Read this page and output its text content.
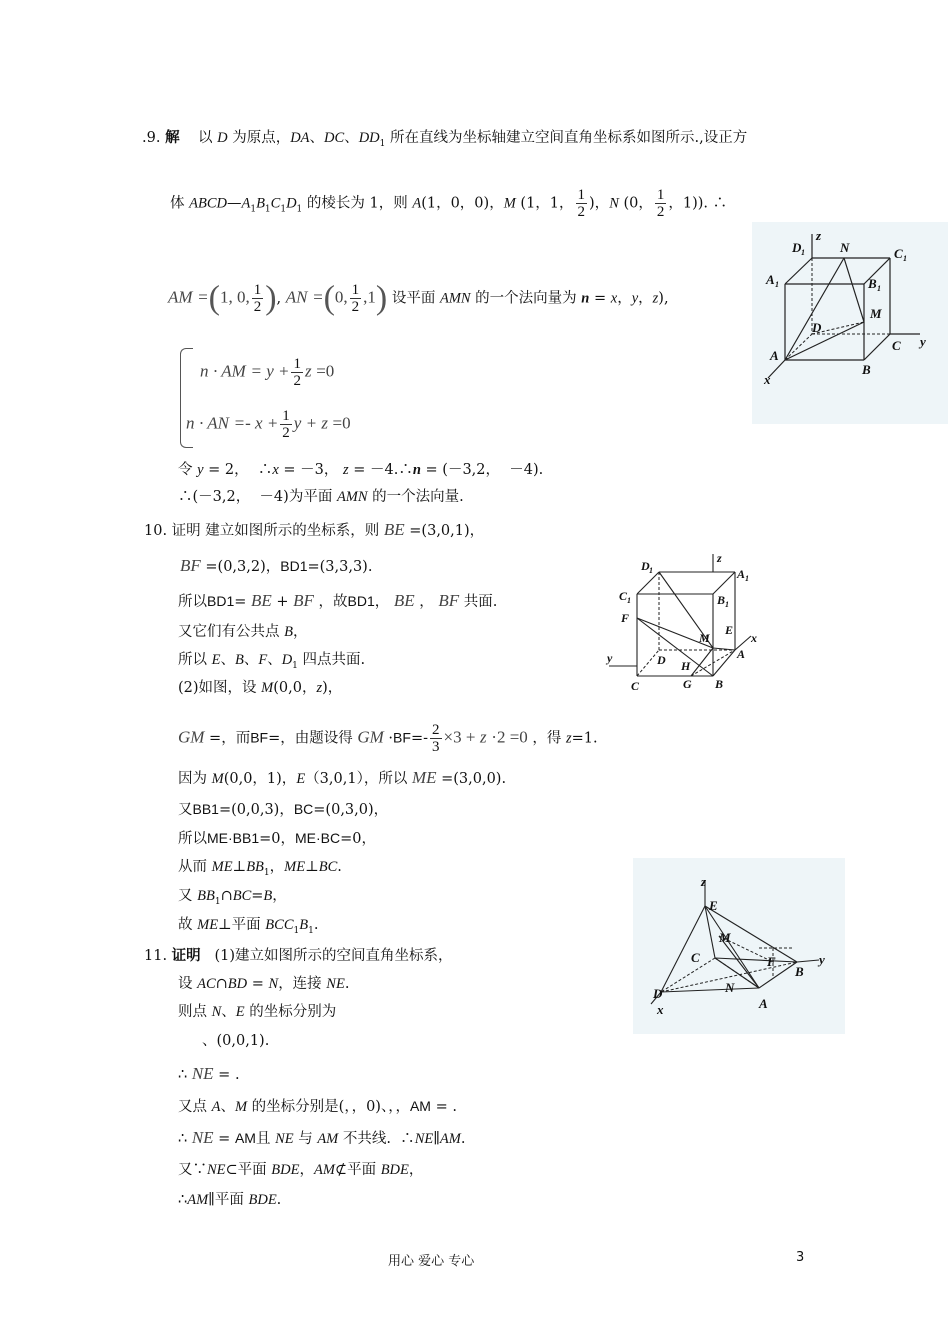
.9. 解    以 D 为原点，DA、DC、$DD_1$ 所在直线为坐标轴建立空间直角坐标系如图所示.,设正方
体 $ABCD—A_1B_1C_1D_1$ 的棱长为 1，则 A(1，0，0)，M (1，1， $\frac{1}{2}$ )，N (0， $\frac{1}{2}$ ，1)). ∴
AM =(1, 0, $\frac{1}{2}$ ), AN =(0, $\frac{1}{2} ,1$) 设平面 AMN 的一个法向量为 n = x，y，z),
n · AM = $y + \frac{1}{2}$ z =0
n · AN =- $x + \frac{1}{2}$ y + z =0
令 y = 2，  ∴x = －3， z = －4.∴n = (－3,2，  －4).
∴(－3,2，  －4)为平面 AMN 的一个法向量.
D 1
z
N	C 1
A 1	B 1
M
D
C y
A
B
x
10. 证明 建立如图所示的坐标系，则 BE =(3,0,1)，
BF =(0,3,2)，BD1=(3,3,3).
所以BD1= BE + BF ，故BD1， BE ， BF 共面.
又它们有公共点 B，
所以 E、B、F、$D_1$ 四点共面.
(2)如图，设 M(0,0，z)，
GM =，而BF=，由题设得 GM $\cdot BF=- \frac{2}{3} \times 3 + z \cdot 2 =0$ ，得 z=1.
因为 M(0,0，1)，E（3,0,1），所以 ME =(3,0,0).
又BB1=(0,0,3)，BC=(0,3,0)，
所以ME·BB1=0，ME·BC=0，
从而 $ME\perp BB_1$，ME⊥BC.
又 $BB_1\cap BC=B$，
故 ME⊥平面 $BCC_1B_1$.
D 1
z
A 1
C 1	B 1
F
E
x
M
D H
A
y
C	G B
11. 证明   (1)建立如图所示的空间直角坐标系，
设 AC∩BD = N，连接 NE.
则点 N、E 的坐标分别为
、(0,0,1).
∴ NE = .
又点 A、M 的坐标分别是(，，0)、，，AM = .
∴ NE = AM且 NE 与 AM 不共线.  ∴NE∥AM.
又∵NE⊂平面 BDE，AM⊄平面 BDE，
∴AM∥平面 BDE.
z
E
M
C	F
B
y
D
x
N
A
用心 爱心 专心	3
